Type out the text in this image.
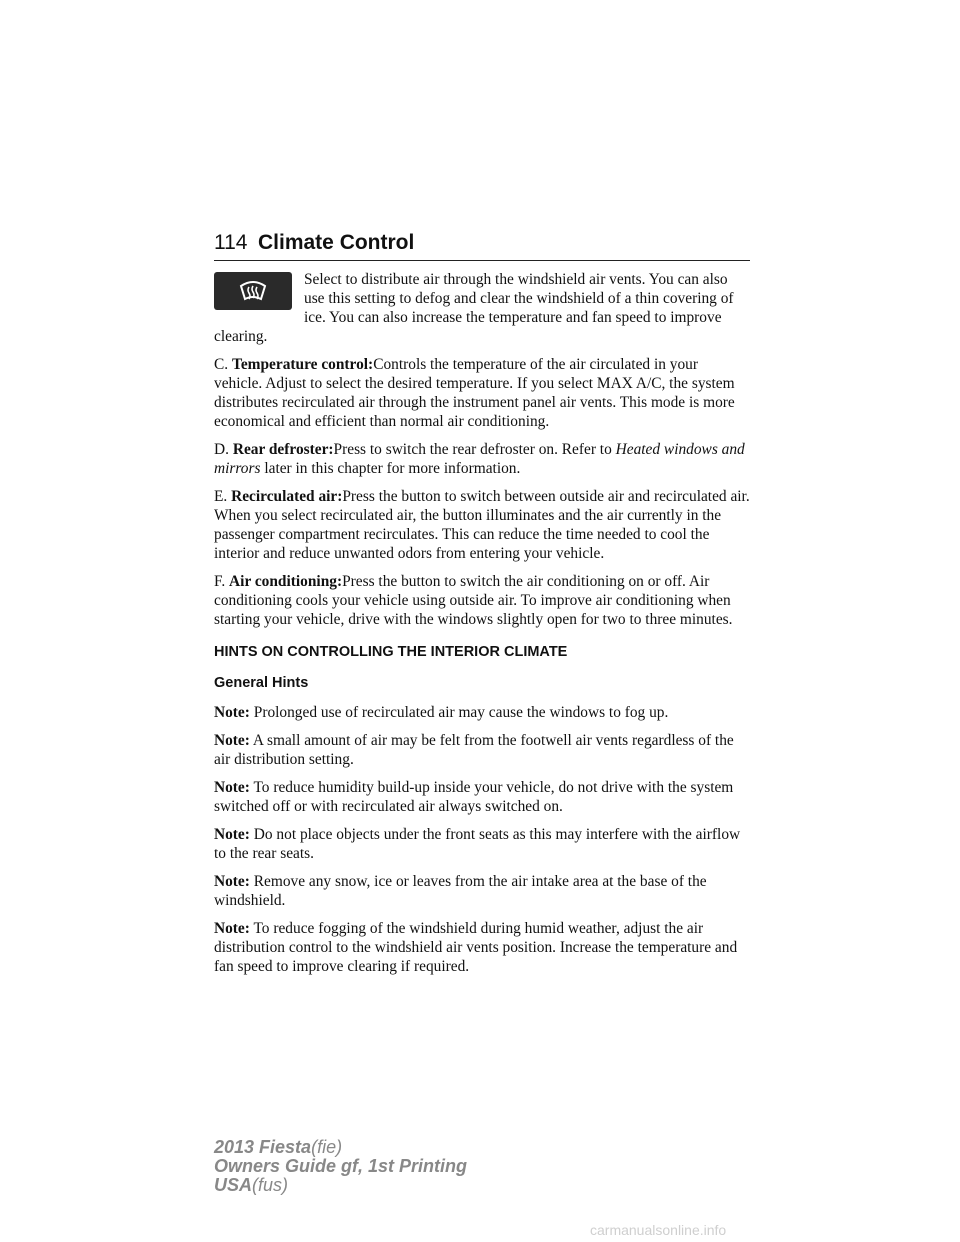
114 Climate Control

Select to distribute air through the windshield air vents. You can also use this setting to defog and clear the windshield of a thin covering of ice. You can also increase the temperature and fan speed to improve clearing.

C. Temperature control:Controls the temperature of the air circulated in your vehicle. Adjust to select the desired temperature. If you select MAX A/C, the system distributes recirculated air through the instrument panel air vents. This mode is more economical and efficient than normal air conditioning.

D. Rear defroster:Press to switch the rear defroster on. Refer to Heated windows and mirrors later in this chapter for more information.

E. Recirculated air:Press the button to switch between outside air and recirculated air. When you select recirculated air, the button illuminates and the air currently in the passenger compartment recirculates. This can reduce the time needed to cool the interior and reduce unwanted odors from entering your vehicle.

F. Air conditioning:Press the button to switch the air conditioning on or off. Air conditioning cools your vehicle using outside air. To improve air conditioning when starting your vehicle, drive with the windows slightly open for two to three minutes.

HINTS ON CONTROLLING THE INTERIOR CLIMATE
General Hints

Note: Prolonged use of recirculated air may cause the windows to fog up.

Note: A small amount of air may be felt from the footwell air vents regardless of the air distribution setting.

Note: To reduce humidity build-up inside your vehicle, do not drive with the system switched off or with recirculated air always switched on.

Note: Do not place objects under the front seats as this may interfere with the airflow to the rear seats.

Note: Remove any snow, ice or leaves from the air intake area at the base of the windshield.

Note: To reduce fogging of the windshield during humid weather, adjust the air distribution control to the windshield air vents position. Increase the temperature and fan speed to improve clearing if required.

2013 Fiesta(fie)
Owners Guide gf, 1st Printing
USA(fus)
carmanualsonline.info
